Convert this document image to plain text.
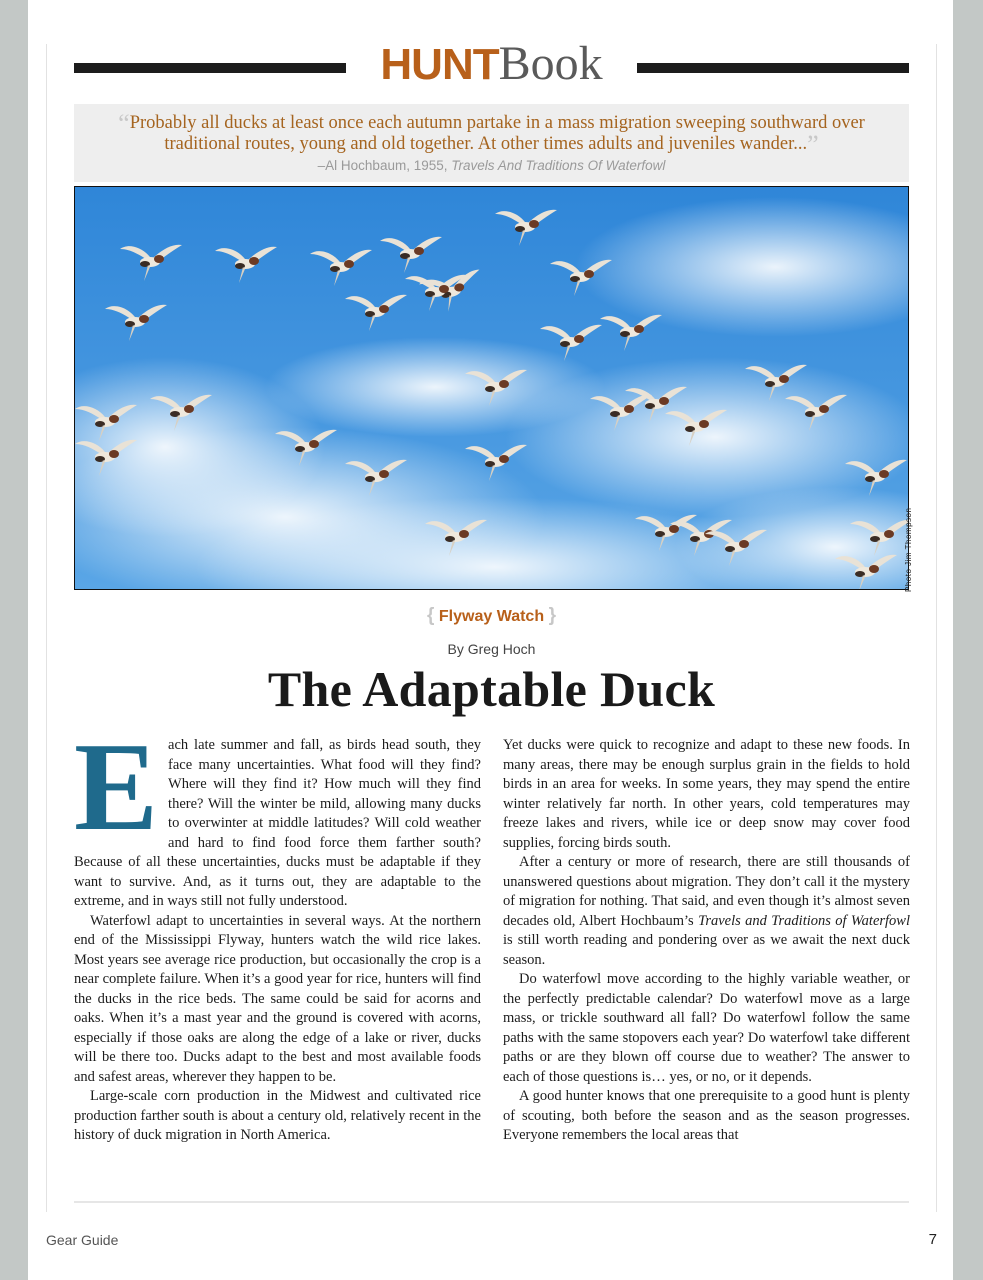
HUNTBook
“Probably all ducks at least once each autumn partake in a mass migration sweeping southward over traditional routes, young and old together. At other times adults and juveniles wander...”
–Al Hochbaum, 1955, Travels And Traditions Of Waterfowl
Photo Jim Thompson
{ Flyway Watch }
By Greg Hoch
The Adaptable Duck

Each late summer and fall, as birds head south, they face many uncertainties. What food will they find? Where will they find it? How much will they find there? Will the winter be mild, allowing many ducks to overwinter at middle latitudes? Will cold weather and hard to find food force them farther south? Because of all these uncertainties, ducks must be adaptable if they want to survive. And, as it turns out, they are adaptable to the extreme, and in ways still not fully understood.

Waterfowl adapt to uncertainties in several ways. At the northern end of the Mississippi Flyway, hunters watch the wild rice lakes. Most years see average rice production, but occasionally the crop is a near complete failure. When it’s a good year for rice, hunters will find the ducks in the rice beds. The same could be said for acorns and oaks. When it’s a mast year and the ground is covered with acorns, especially if those oaks are along the edge of a lake or river, ducks will be there too. Ducks adapt to the best and most available foods and safest areas, wherever they happen to be.

Large-scale corn production in the Midwest and cultivated rice production farther south is about a century old, relatively recent in the history of duck migration in North America.

Yet ducks were quick to recognize and adapt to these new foods. In many areas, there may be enough surplus grain in the fields to hold birds in an area for weeks. In some years, they may spend the entire winter relatively far north. In other years, cold temperatures may freeze lakes and rivers, while ice or deep snow may cover food supplies, forcing birds south.

After a century or more of research, there are still thousands of unanswered questions about migration. They don’t call it the mystery of migration for nothing. That said, and even though it’s almost seven decades old, Albert Hochbaum’s Travels and Traditions of Waterfowl is still worth reading and pondering over as we await the next duck season.

Do waterfowl move according to the highly variable weather, or the perfectly predictable calendar? Do waterfowl move as a large mass, or trickle southward all fall? Do waterfowl follow the same paths with the same stopovers each year? Do waterfowl take different paths or are they blown off course due to weather? The answer to each of those questions is… yes, or no, or it depends.

A good hunter knows that one prerequisite to a good hunt is plenty of scouting, both before the season and as the season progresses. Everyone remembers the local areas that

Gear Guide	7
